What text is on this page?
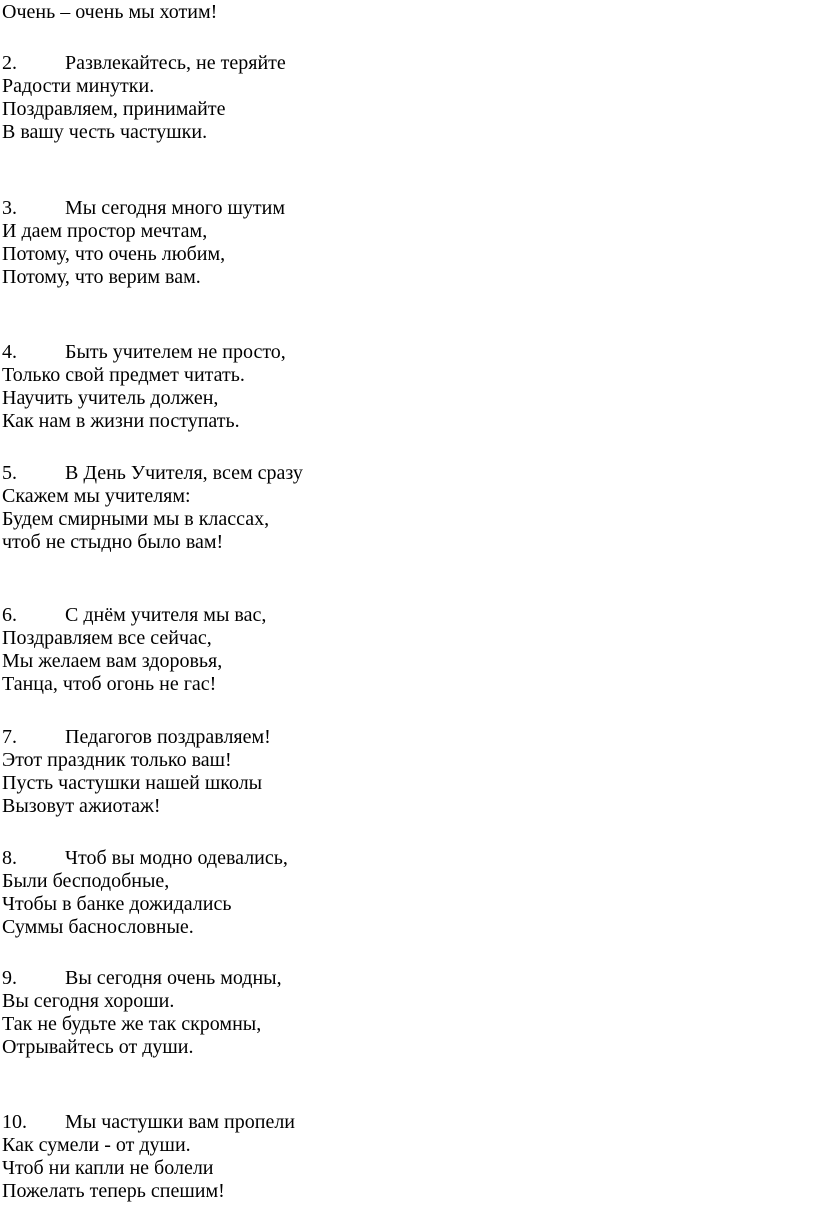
Очень – очень мы хотим!

2. Развлекайтесь, не теряйте

Радости минутки.

Поздравляем, принимайте

В вашу честь частушки.

3. Мы сегодня много шутим

И даем простор мечтам,

Потому, что очень любим,

Потому, что верим вам.

4. Быть учителем не просто,

Только свой предмет читать.

Научить учитель должен,

Как нам в жизни поступать.

5. В День Учителя, всем сразу

Скажем мы учителям:

Будем смирными мы в классах,

чтоб не стыдно было вам!

6. С днём учителя мы вас,

Поздравляем все сейчас,

Мы желаем вам здоровья,

Танца, чтоб огонь не гас!

7. Педагогов поздравляем!

Этот праздник только ваш!

Пусть частушки нашей школы

Вызовут ажиотаж!

8. Чтоб вы модно одевались,

Были бесподобные,

Чтобы в банке дожидались

Суммы баснословные.

9. Вы сегодня очень модны,

Вы сегодня хороши.

Так не будьте же так скромны,

Отрывайтесь от души.

10. Мы частушки вам пропели

Как сумели - от души.

Чтоб ни капли не болели

Пожелать теперь спешим!
